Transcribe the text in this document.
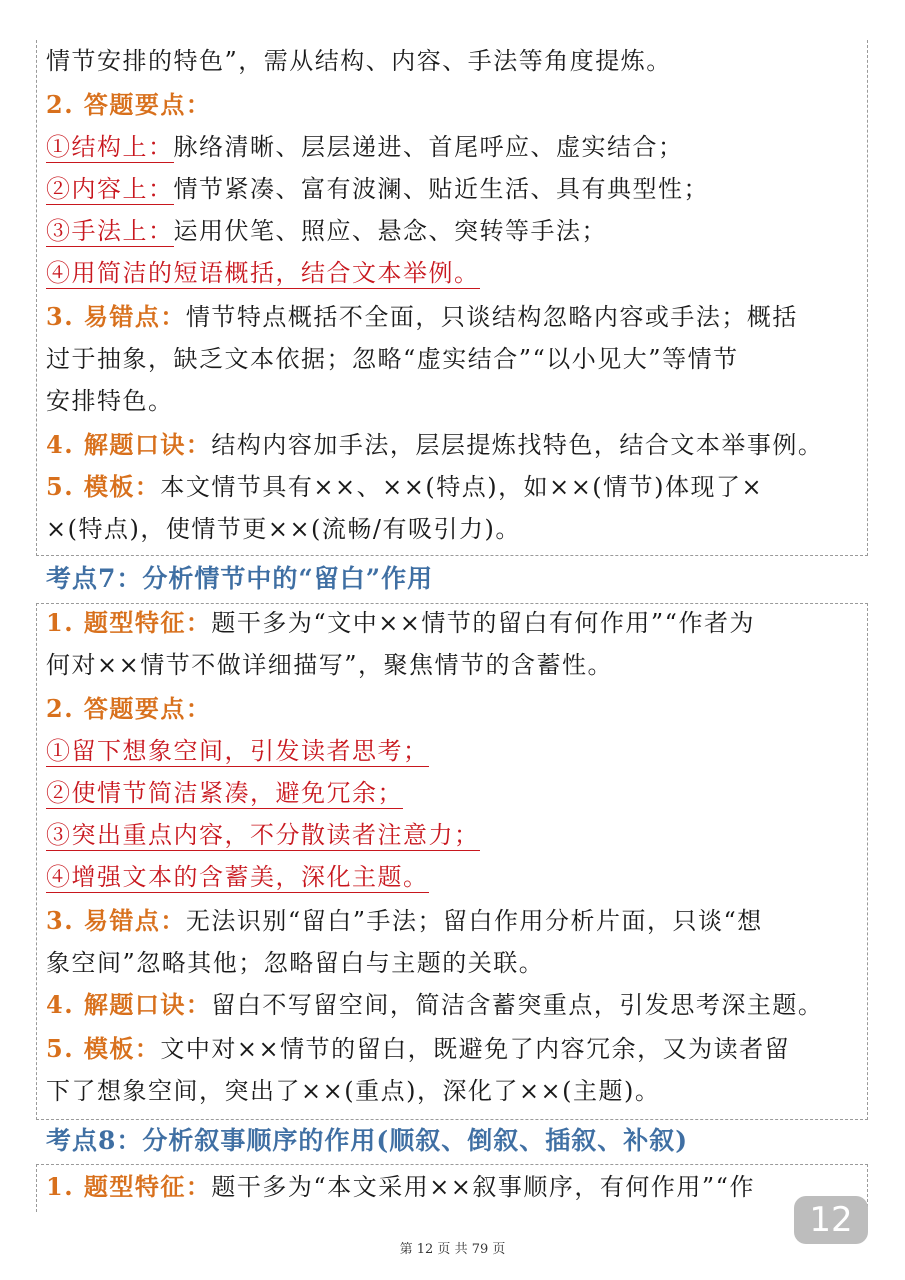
情节安排的特色”，需从结构、内容、手法等角度提炼。
2. 答题要点：
①结构上：脉络清晰、层层递进、首尾呼应、虚实结合；
②内容上：情节紧凑、富有波澜、贴近生活、具有典型性；
③手法上：运用伏笔、照应、悬念、突转等手法；
④用简洁的短语概括，结合文本举例。
3. 易错点：情节特点概括不全面，只谈结构忽略内容或手法；概括
过于抽象，缺乏文本依据；忽略“虚实结合”“以小见大”等情节
安排特色。
4. 解题口诀：结构内容加手法，层层提炼找特色，结合文本举事例。
5. 模板：本文情节具有××、××(特点)，如××(情节)体现了×
×(特点)，使情节更××(流畅/有吸引力)。
考点7：分析情节中的“留白”作用
1. 题型特征：题干多为“文中××情节的留白有何作用”“作者为
何对××情节不做详细描写”，聚焦情节的含蓄性。
2. 答题要点：
①留下想象空间，引发读者思考；
②使情节简洁紧凑，避免冗余；
③突出重点内容，不分散读者注意力；
④增强文本的含蓄美，深化主题。
3. 易错点：无法识别“留白”手法；留白作用分析片面，只谈“想
象空间”忽略其他；忽略留白与主题的关联。
4. 解题口诀：留白不写留空间，简洁含蓄突重点，引发思考深主题。
5. 模板：文中对××情节的留白，既避免了内容冗余，又为读者留
下了想象空间，突出了××(重点)，深化了××(主题)。
考点8：分析叙事顺序的作用(顺叙、倒叙、插叙、补叙)
1. 题型特征：题干多为“本文采用××叙事顺序，有何作用”“作
12
第 12 页 共 79 页
